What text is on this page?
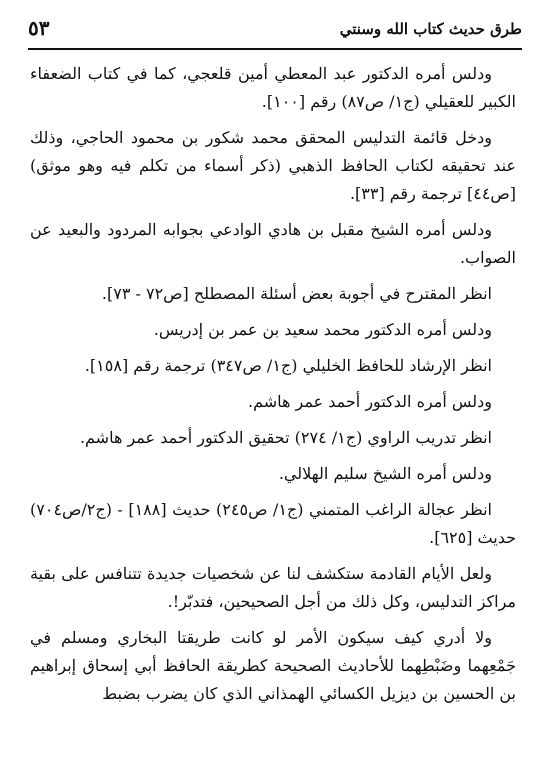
طرق حديث كتاب الله وسنتي
٥٣

ودلس أمره الدكتور عبد المعطي أمين قلعجي، كما في كتاب الضعفاء الكبير للعقيلي (ج١/ ص٨٧) رقم [١٠٠].

ودخل قائمة التدليس المحقق محمد شكور بن محمود الحاجي، وذلك عند تحقيقه لكتاب الحافظ الذهبي (ذكر أسماء من تكلم فيه وهو موثق) [ص٤٤] ترجمة رقم [٣٣].

ودلس أمره الشيخ مقبل بن هادي الوادعي بجوابه المردود والبعيد عن الصواب.

انظر المقترح في أجوبة بعض أسئلة المصطلح [ص٧٢ - ٧٣].

ودلس أمره الدكتور محمد سعيد بن عمر بن إدريس.

انظر الإرشاد للحافظ الخليلي (ج١/ ص٣٤٧) ترجمة رقم [١٥٨].

ودلس أمره الدكتور أحمد عمر هاشم.

انظر تدريب الراوي (ج١/ ٢٧٤) تحقيق الدكتور أحمد عمر هاشم.

ودلس أمره الشيخ سليم الهلالي.

انظر عجالة الراغب المتمني (ج١/ ص٢٤٥) حديث [١٨٨] - (ج٢/ص٧٠٤) حديث [٦٢٥].

ولعل الأيام القادمة ستكشف لنا عن شخصيات جديدة تتنافس على بقية مراكز التدليس، وكل ذلك من أجل الصحيحين، فتدبّر!.

ولا أدري كيف سيكون الأمر لو كانت طريقتا البخاري ومسلم في جَمْعِهما وضَبْطِهما للأحاديث الصحيحة كطريقة الحافظ أبي إسحاق إبراهيم بن الحسين بن ديزيل الكسائي الهمذاني الذي كان يضرب بضبط
